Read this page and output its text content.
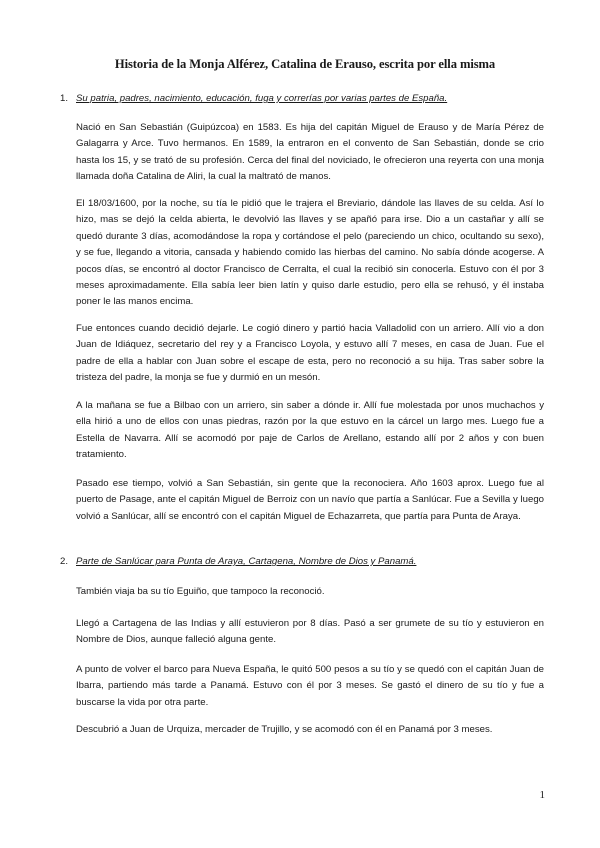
Historia de la Monja Alférez, Catalina de Erauso, escrita por ella misma
1. Su patria, padres, nacimiento, educación, fuga y correrías por varias partes de España.
Nació en San Sebastián (Guipúzcoa) en 1583. Es hija del capitán Miguel de Erauso y de María Pérez de Galagarra y Arce. Tuvo hermanos. En 1589, la entraron en el convento de San Sebastián, donde se crio hasta los 15, y se trató de su profesión. Cerca del final del noviciado, le ofrecieron una reyerta con una monja llamada doña Catalina de Aliri, la cual la maltrató de manos.
El 18/03/1600, por la noche, su tía le pidió que le trajera el Breviario, dándole las llaves de su celda. Así lo hizo, mas se dejó la celda abierta, le devolvió las llaves y se apañó para irse. Dio a un castañar y allí se quedó durante 3 días, acomodándose la ropa y cortándose el pelo (pareciendo un chico, ocultando su sexo), y se fue, llegando a vitoria, cansada y habiendo comido las hierbas del camino. No sabía dónde acogerse. A pocos días, se encontró al doctor Francisco de Cerralta, el cual la recibió sin conocerla. Estuvo con él por 3 meses aproximadamente. Ella sabía leer bien latín y quiso darle estudio, pero ella se rehusó, y él instaba poner le las manos encima.
Fue entonces cuando decidió dejarle. Le cogió dinero y partió hacia Valladolid con un arriero. Allí vio a don Juan de Idiáquez, secretario del rey y a Francisco Loyola, y estuvo allí 7 meses, en casa de Juan. Fue el padre de ella a hablar con Juan sobre el escape de esta, pero no reconoció a su hija. Tras saber sobre la tristeza del padre, la monja se fue y durmió en un mesón.
A la mañana se fue a Bilbao con un arriero, sin saber a dónde ir. Allí fue molestada por unos muchachos y ella hirió a uno de ellos con unas piedras, razón por la que estuvo en la cárcel un largo mes. Luego fue a Estella de Navarra. Allí se acomodó por paje de Carlos de Arellano, estando allí por 2 años y con buen tratamiento.
Pasado ese tiempo, volvió a San Sebastián, sin gente que la reconociera. Año 1603 aprox. Luego fue al puerto de Pasage, ante el capitán Miguel de Berroiz con un navío que partía a Sanlúcar. Fue a Sevilla y luego volvió a Sanlúcar, allí se encontró con el capitán Miguel de Echazarreta, que partía para Punta de Araya.
2. Parte de Sanlúcar para Punta de Araya, Cartagena, Nombre de Dios y Panamá.
También viaja ba su tío Eguiño, que tampoco la reconoció.
Llegó a Cartagena de las Indias y allí estuvieron por 8 días. Pasó a ser grumete de su tío y estuvieron en Nombre de Dios, aunque falleció alguna gente.
A punto de volver el barco para Nueva España, le quitó 500 pesos a su tío y se quedó con el capitán Juan de Ibarra, partiendo más tarde a Panamá. Estuvo con él por 3 meses. Se gastó el dinero de su tío y fue a buscarse la vida por otra parte.
Descubrió a Juan de Urquiza, mercader de Trujillo, y se acomodó con él en Panamá por 3 meses.
1
